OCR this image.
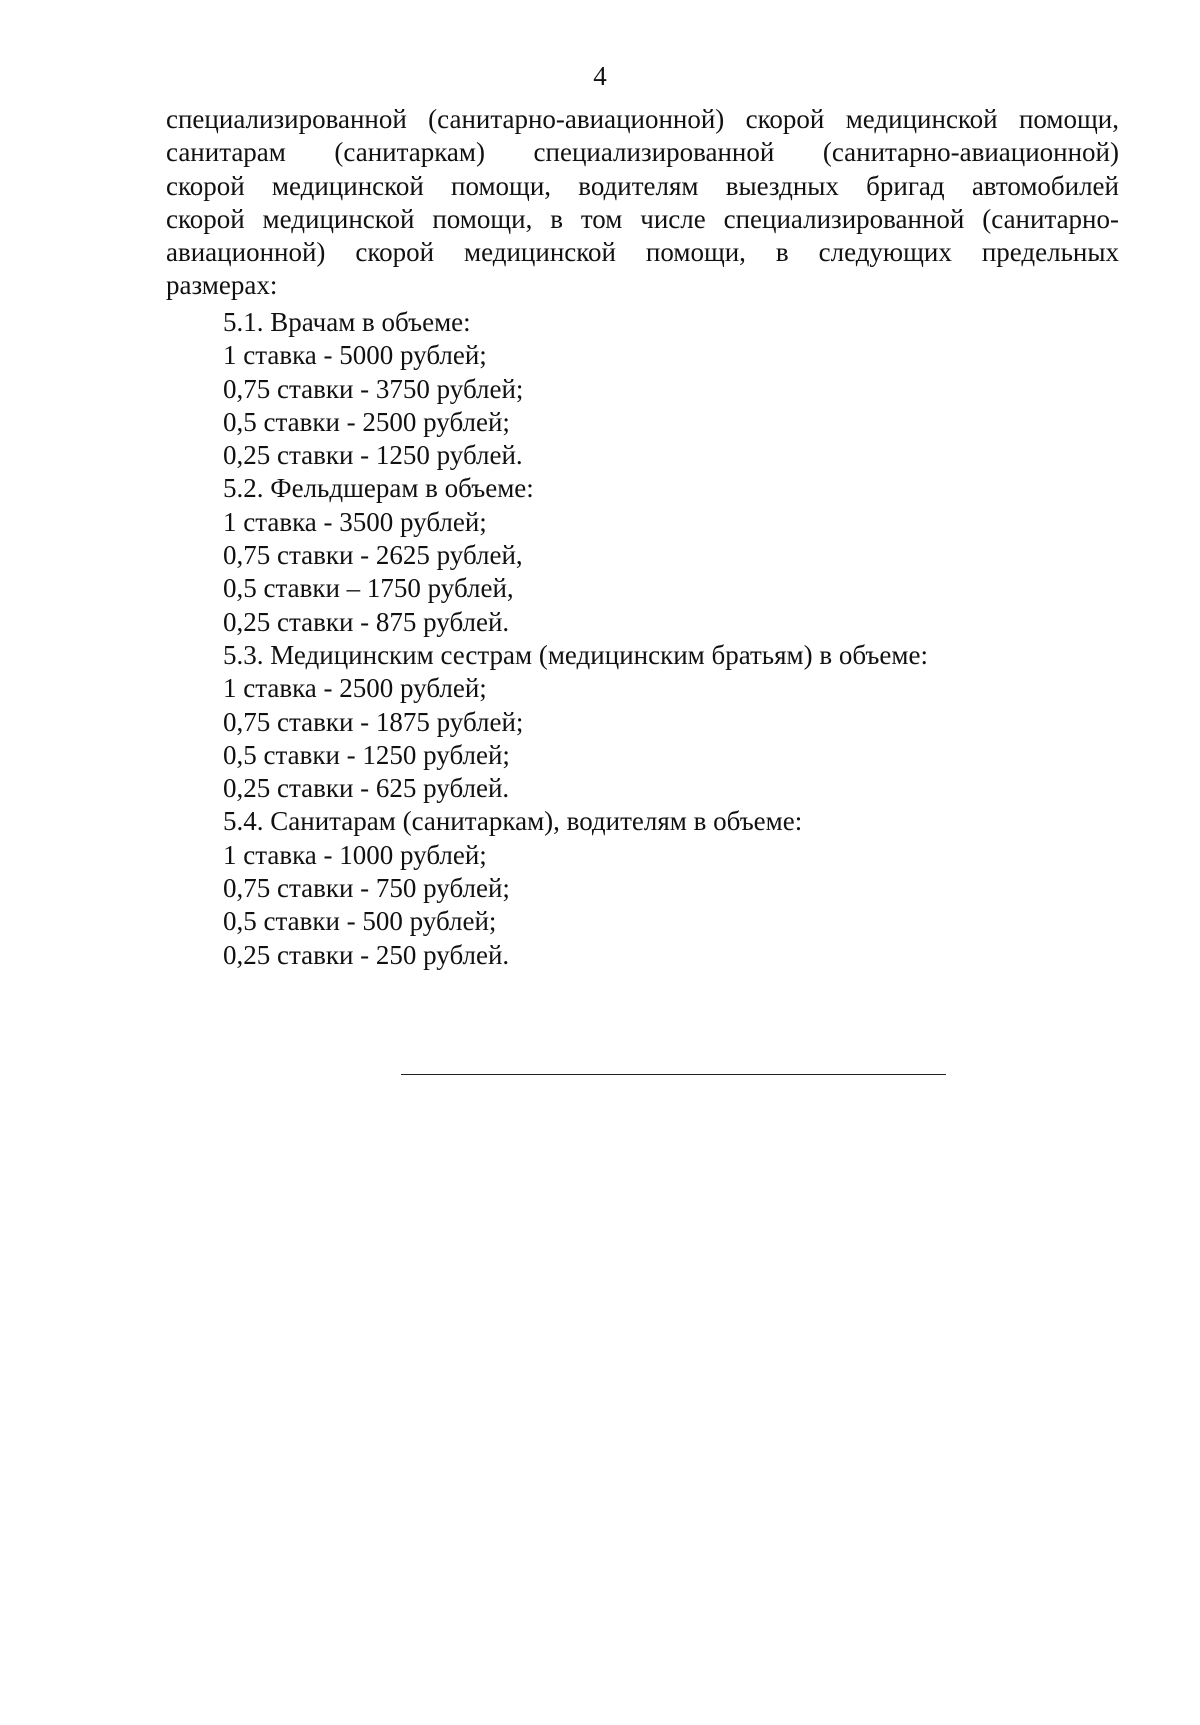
4
специализированной (санитарно-авиационной) скорой медицинской помощи,
санитарам (санитаркам) специализированной (санитарно-авиационной)
скорой медицинской помощи, водителям выездных бригад автомобилей
скорой медицинской помощи, в том числе специализированной (санитарно-
авиационной) скорой медицинской помощи, в следующих предельных
размерах:
5.1. Врачам в объеме:
1 ставка - 5000 рублей;
0,75 ставки - 3750 рублей;
0,5 ставки - 2500 рублей;
0,25 ставки - 1250 рублей.
5.2. Фельдшерам в объеме:
1 ставка - 3500 рублей;
0,75 ставки - 2625 рублей,
0,5 ставки – 1750 рублей,
0,25 ставки - 875 рублей.
5.3. Медицинским сестрам (медицинским братьям) в объеме:
1 ставка - 2500 рублей;
0,75 ставки - 1875 рублей;
0,5 ставки - 1250 рублей;
0,25 ставки - 625 рублей.
5.4. Санитарам (санитаркам), водителям в объеме:
1 ставка - 1000 рублей;
0,75 ставки - 750 рублей;
0,5 ставки - 500 рублей;
0,25 ставки - 250 рублей.
